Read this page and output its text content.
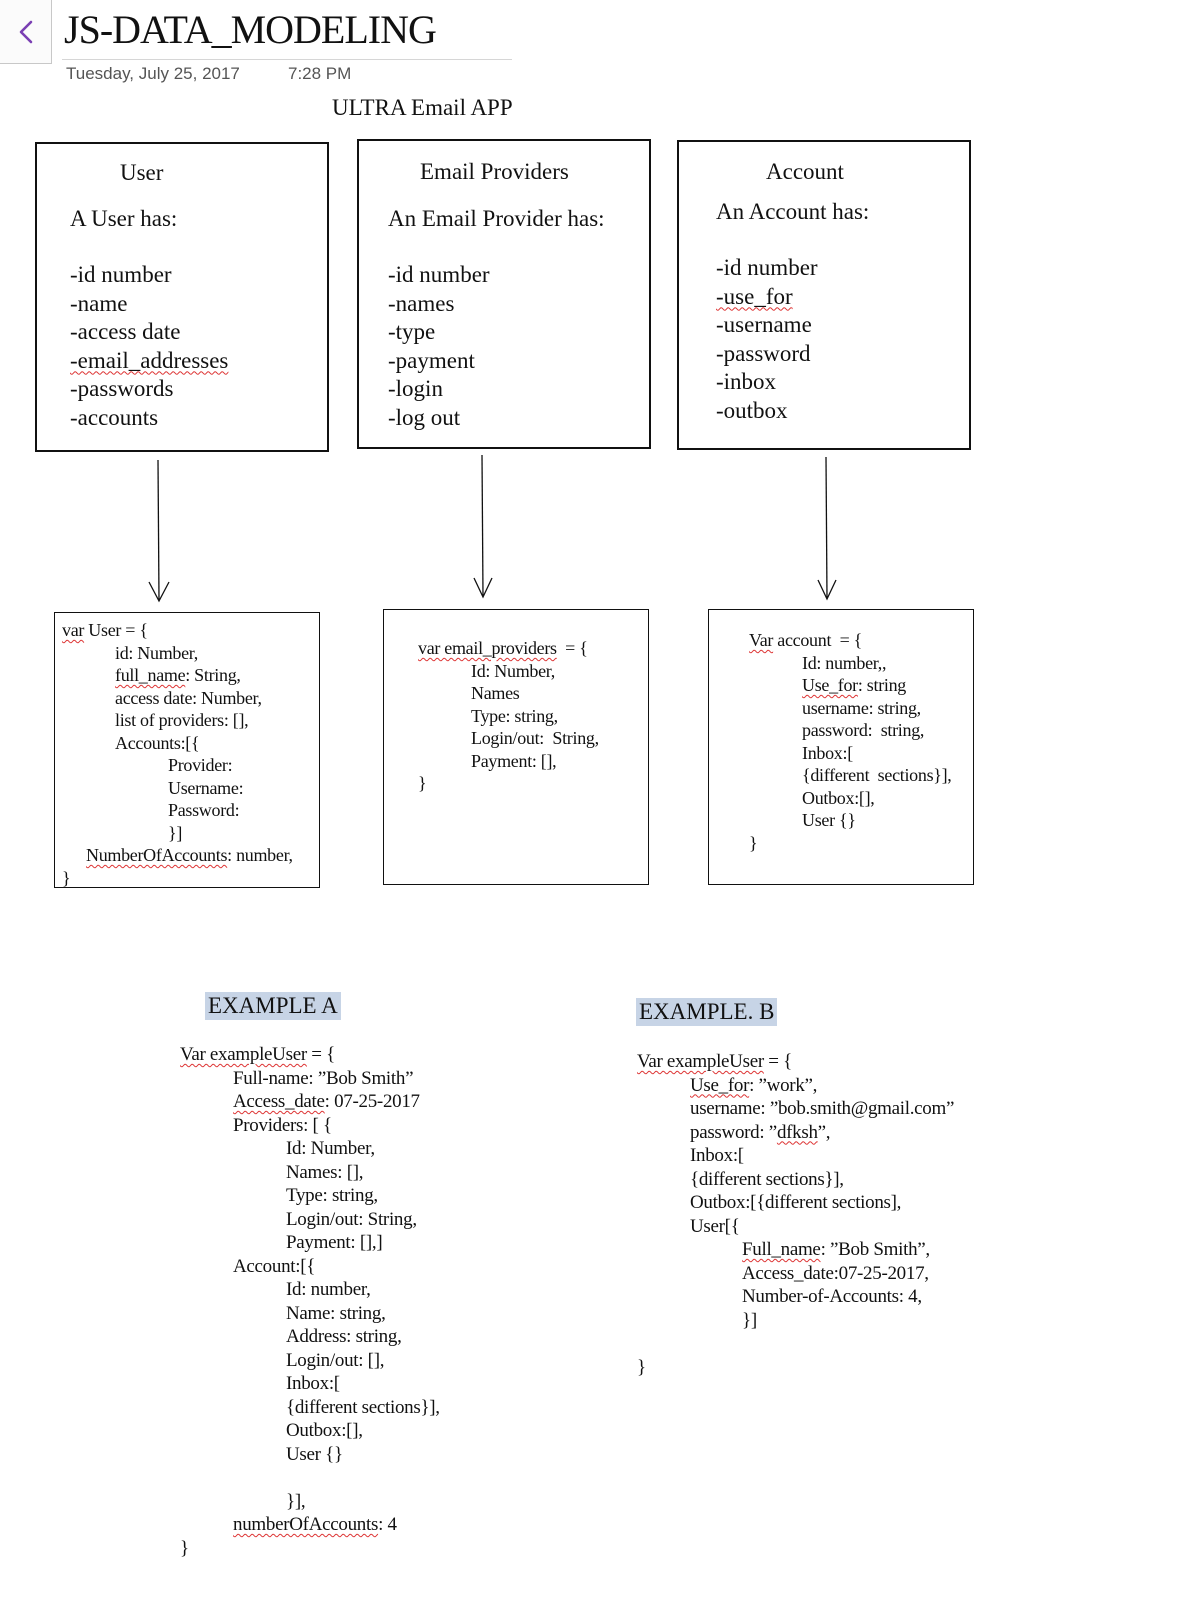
JS-DATA_MODELING
Tuesday, July 25, 2017	7:28 PM
ULTRA Email APP
User
A User has:
-id number
-name
-access date
-email_addresses
-passwords
-accounts
Email Providers
An Email Provider has:
-id number
-names
-type
-payment
-login
-log out
Account
An Account has:
-id number
-use_for
-username
-password
-inbox
-outbox
var User = {
id: Number,
full_name: String,
access date: Number,
list of providers: [],
Accounts:[{
Provider:
Username:
Password:
}]
NumberOfAccounts: number,
}
var email_providers  = {
Id: Number,
Names
Type: string,
Login/out:  String,
Payment: [],
}
Var account  = {
Id: number,,
Use_for: string
username: string,
password:  string,
Inbox:[
{different  sections}],
Outbox:[],
User {}
}
EXAMPLE A
Var exampleUser = {
Full-name: ”Bob Smith”
Access_date: 07-25-2017
Providers: [ {
Id: Number,
Names: [],
Type: string,
Login/out: String,
Payment: [],]
Account:[{
Id: number,
Name: string,
Address: string,
Login/out: [],
Inbox:[
{different sections}],
Outbox:[],
User {}
}],
numberOfAccounts: 4
}
EXAMPLE. B
Var exampleUser = {
Use_for: ”work”,
username: ”bob.smith@gmail.com”
password: ”dfksh”,
Inbox:[
{different sections}],
Outbox:[{different sections],
User[{
Full_name: ”Bob Smith”,
Access_date:07-25-2017,
Number-of-Accounts: 4,
}]
}
